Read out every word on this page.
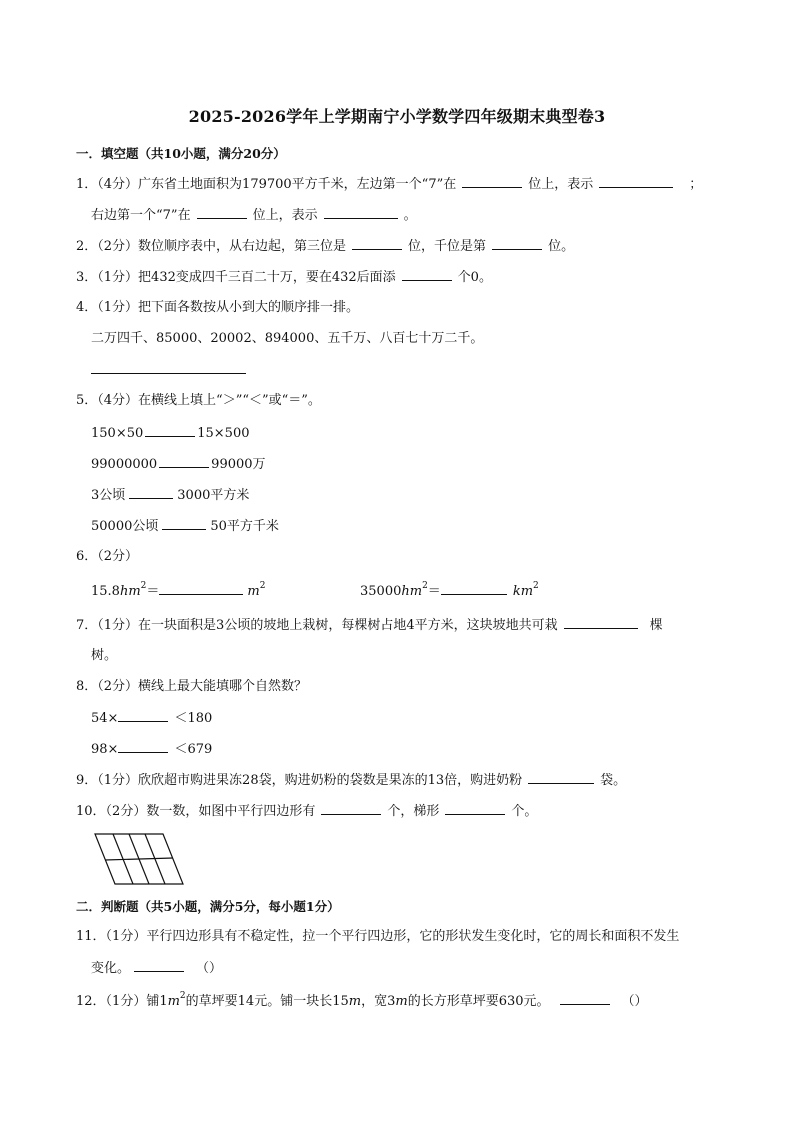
2025-2026学年上学期南宁小学数学四年级期末典型卷3
一．填空题（共10小题，满分20分）
1．（4分）广东省土地面积为179700平方千米，左边第一个“7”在	位上，表示	；
右边第一个“7”在	位上，表示	。
2．（2分）数位顺序表中，从右边起，第三位是	位，千位是第	位。
3．（1分）把432变成四千三百二十万，要在432后面添	个0。
4．（1分）把下面各数按从小到大的顺序排一排。
二万四千、85000、20002、894000、五千万、八百七十万二千。
5．（4分）在横线上填上“＞”“＜”或“＝”。
150×50	15×500
99000000	99000万
3公顷	3000平方米
50000公顷	50平方千米
6．（2分）
$15.8hm^2=$	$m^2$	$35000hm^2=$	$km^2$
7．（1分）在一块面积是3公顷的坡地上栽树，每棵树占地4平方米，这块坡地共可栽	棵
树。
8．（2分）横线上最大能填哪个自然数？
54×	＜180
98×	＜679
9．（1分）欣欣超市购进果冻28袋，购进奶粉的袋数是果冻的13倍，购进奶粉	袋。
10．（2分）数一数，如图中平行四边形有	个，梯形	个。
二．判断题（共5小题，满分5分，每小题1分）
11．（1分）平行四边形具有不稳定性，拉一个平行四边形，它的形状发生变化时，它的周长和面积不发生
变化。	（）
12．（1分）铺$1m^2$的草坪要14元。铺一块长15m，宽3m的长方形草坪要630元。	（）
